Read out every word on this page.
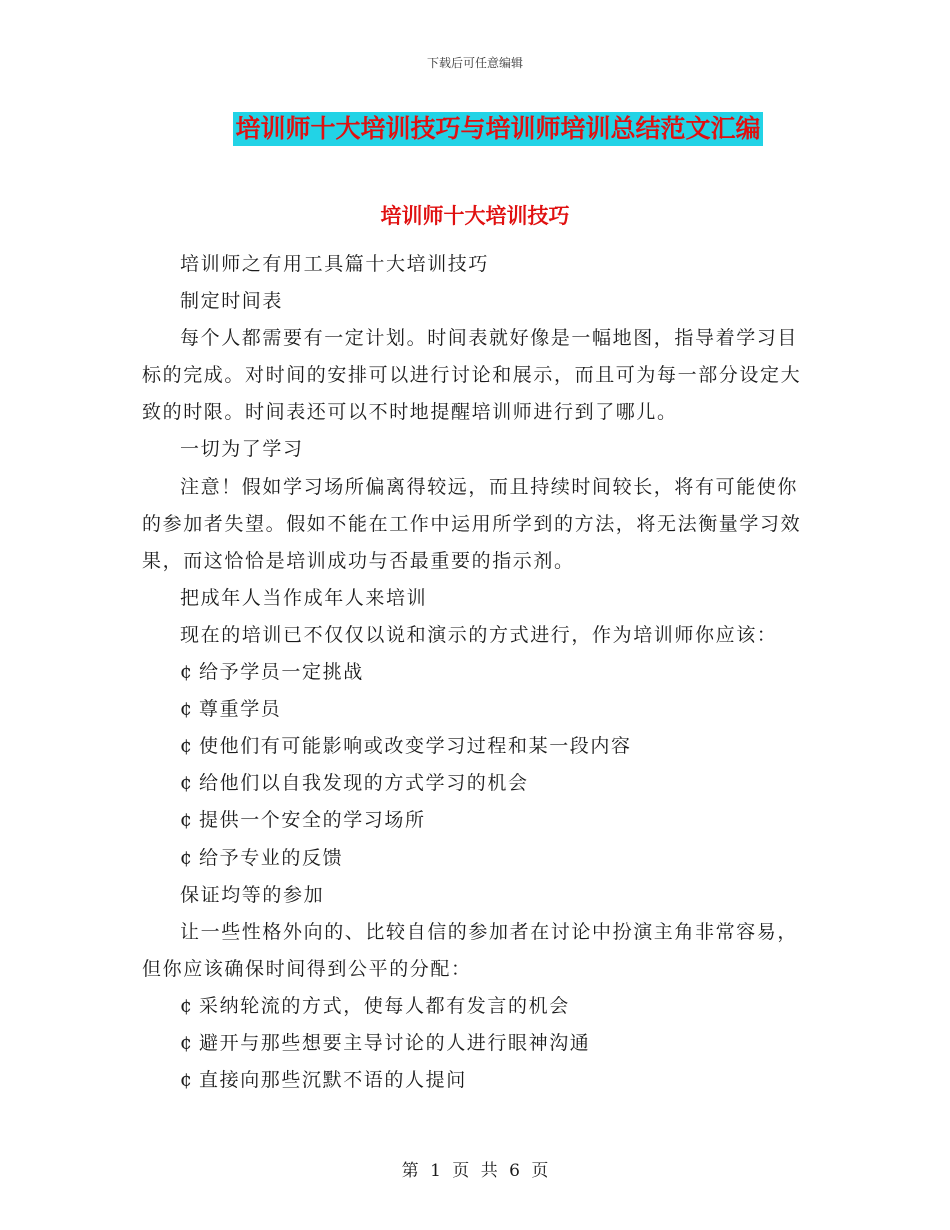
下载后可任意编辑
培训师十大培训技巧与培训师培训总结范文汇编
培训师十大培训技巧

培训师之有用工具篇十大培训技巧

制定时间表

每个人都需要有一定计划。时间表就好像是一幅地图，指导着学习目标的完成。对时间的安排可以进行讨论和展示，而且可为每一部分设定大致的时限。时间表还可以不时地提醒培训师进行到了哪儿。

一切为了学习

注意！假如学习场所偏离得较远，而且持续时间较长，将有可能使你的参加者失望。假如不能在工作中运用所学到的方法，将无法衡量学习效果，而这恰恰是培训成功与否最重要的指示剂。

把成年人当作成年人来培训

现在的培训已不仅仅以说和演示的方式进行，作为培训师你应该：

¢ 给予学员一定挑战

¢ 尊重学员

¢ 使他们有可能影响或改变学习过程和某一段内容

¢ 给他们以自我发现的方式学习的机会

¢ 提供一个安全的学习场所

¢ 给予专业的反馈

保证均等的参加

让一些性格外向的、比较自信的参加者在讨论中扮演主角非常容易，但你应该确保时间得到公平的分配：

¢ 采纳轮流的方式，使每人都有发言的机会

¢ 避开与那些想要主导讨论的人进行眼神沟通

¢ 直接向那些沉默不语的人提问

第 1 页 共 6 页
